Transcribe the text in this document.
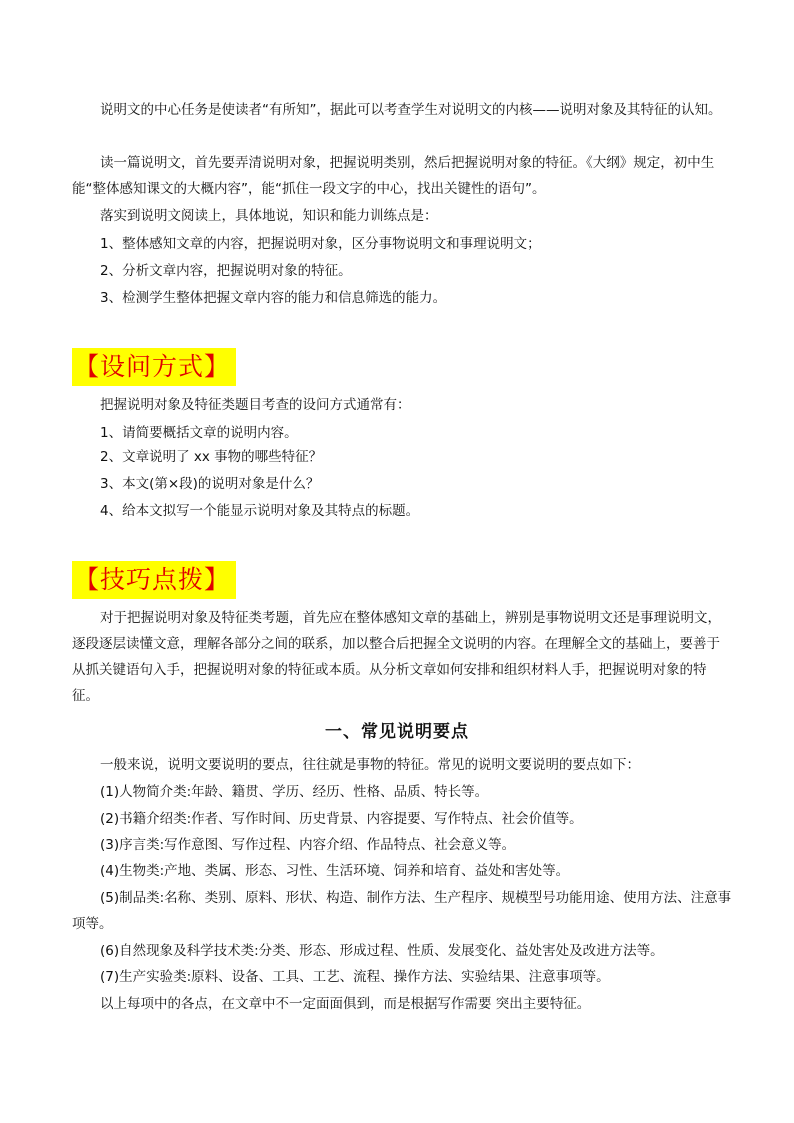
说明文的中心任务是使读者“有所知”，据此可以考查学生对说明文的内核——说明对象及其特征的认知。

读一篇说明文，首先要弄清说明对象，把握说明类别，然后把握说明对象的特征。《大纲》规定，初中生能“整体感知课文的大概内容”，能“抓住一段文字的中心，找出关键性的语句”。

落实到说明文阅读上，具体地说，知识和能力训练点是：

1、整体感知文章的内容，把握说明对象，区分事物说明文和事理说明文；

2、分析文章内容，把握说明对象的特征。

3、检测学生整体把握文章内容的能力和信息筛选的能力。

【设问方式】

把握说明对象及特征类题目考查的设问方式通常有：

1、请简要概括文章的说明内容。

2、文章说明了 xx 事物的哪些特征？

3、本文(第×段)的说明对象是什么？

4、给本文拟写一个能显示说明对象及其特点的标题。

【技巧点拨】

对于把握说明对象及特征类考题，首先应在整体感知文章的基础上，辨别是事物说明文还是事理说明文，逐段逐层读懂文意，理解各部分之间的联系，加以整合后把握全文说明的内容。在理解全文的基础上，要善于从抓关键语句入手，把握说明对象的特征或本质。从分析文章如何安排和组织材料人手，把握说明对象的特征。

一、常见说明要点

一般来说，说明文要说明的要点，往往就是事物的特征。常见的说明文要说明的要点如下：

(1)人物简介类:年龄、籍贯、学历、经历、性格、品质、特长等。

(2)书籍介绍类:作者、写作时间、历史背景、内容提要、写作特点、社会价值等。

(3)序言类:写作意图、写作过程、内容介绍、作品特点、社会意义等。

(4)生物类:产地、类属、形态、习性、生活环境、饲养和培育、益处和害处等。

(5)制品类:名称、类别、原料、形状、构造、制作方法、生产程序、规模型号功能用途、使用方法、注意事项等。

(6)自然现象及科学技术类:分类、形态、形成过程、性质、发展变化、益处害处及改进方法等。

(7)生产实验类:原料、设备、工具、工艺、流程、操作方法、实验结果、注意事项等。

以上每项中的各点，在文章中不一定面面俱到，而是根据写作需要 突出主要特征。
